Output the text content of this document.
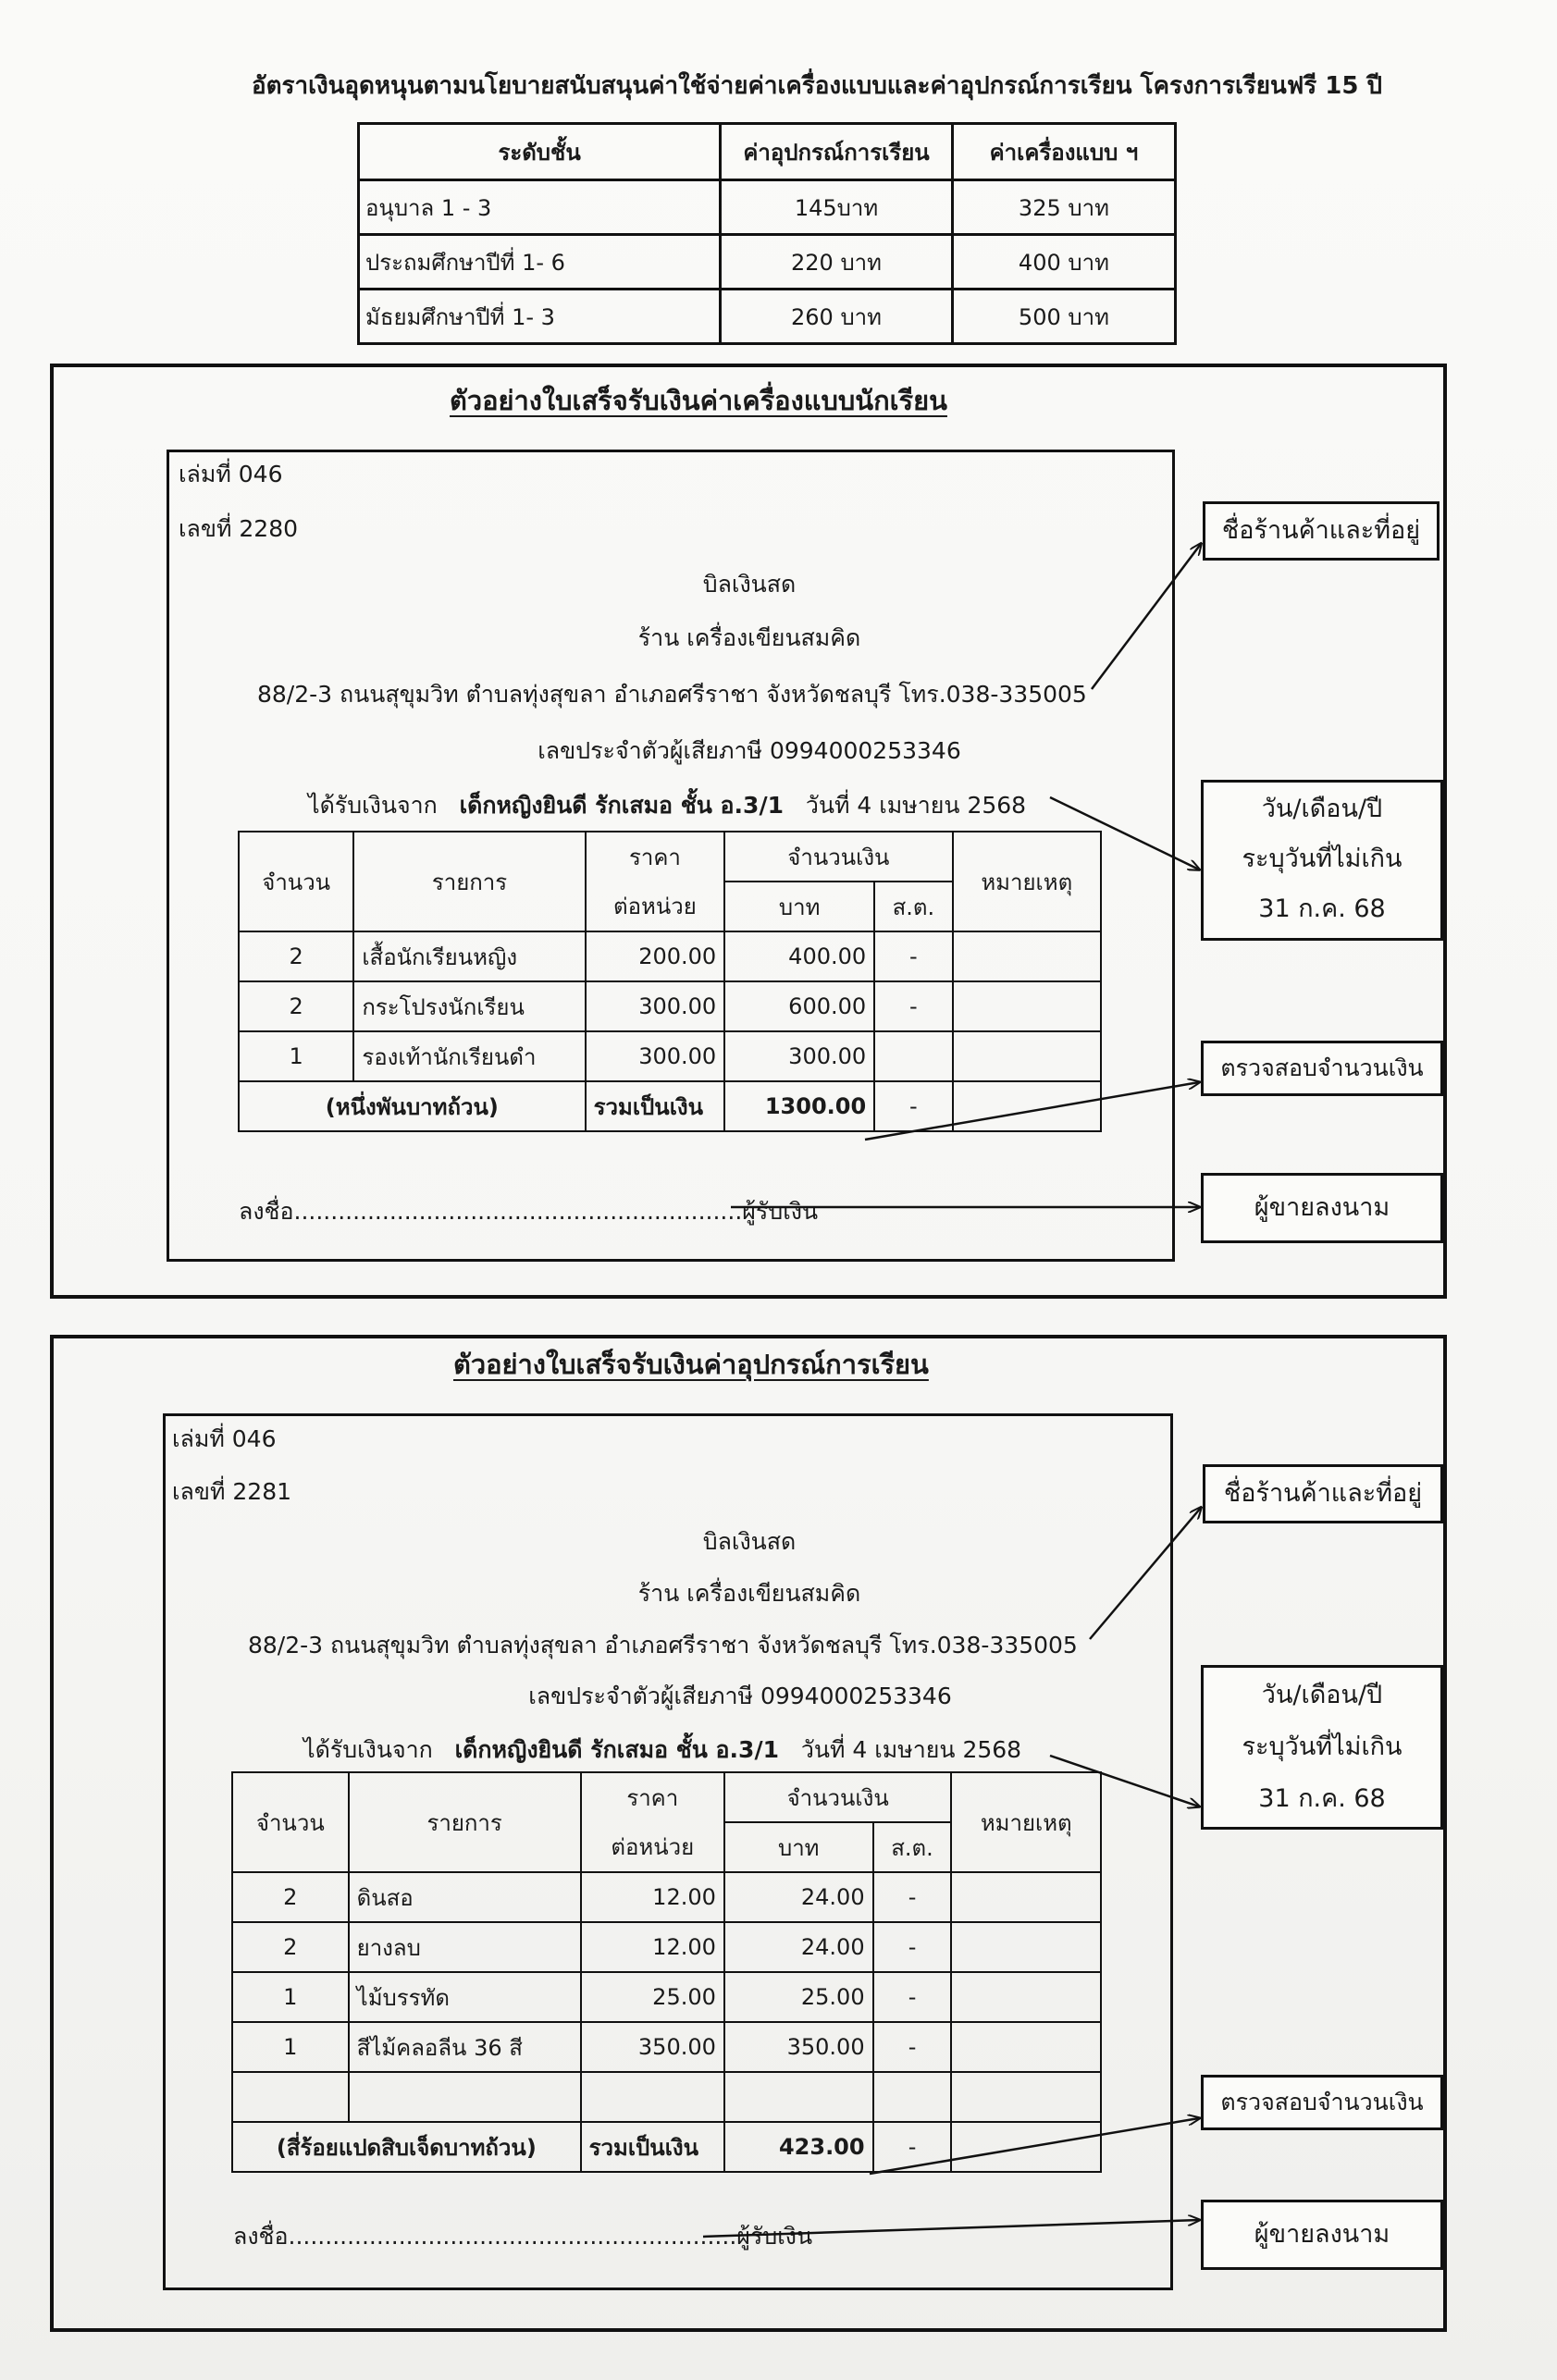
อัตราเงินอุดหนุนตามนโยบายสนับสนุนค่าใช้จ่ายค่าเครื่องแบบและค่าอุปกรณ์การเรียน โครงการเรียนฟรี 15 ปี
ระดับชั้น	ค่าอุปกรณ์การเรียน	ค่าเครื่องแบบ ฯ
อนุบาล 1 - 3	145บาท	325 บาท
ประถมศึกษาปีที่ 1- 6	220 บาท	400 บาท
มัธยมศึกษาปีที่ 1- 3	260 บาท	500 บาท
ตัวอย่างใบเสร็จรับเงินค่าเครื่องแบบนักเรียน
เล่มที่ 046
เลขที่ 2280
บิลเงินสด
ร้าน เครื่องเขียนสมคิด
88/2-3 ถนนสุขุมวิท ตำบลทุ่งสุขลา อำเภอศรีราชา จังหวัดชลบุรี โทร.038-335005
เลขประจำตัวผู้เสียภาษี 0994000253346
ได้รับเงินจาก เด็กหญิงยินดี รักเสมอ ชั้น อ.3/1 วันที่ 4 เมษายน 2568
จำนวน	รายการ	ราคา	จำนวนเงิน		หมายเหตุ
		ต่อหน่วย	บาท	ส.ต.	
2	เสื้อนักเรียนหญิง	200.00	400.00	-	
2	กระโปรงนักเรียน	300.00	600.00	-	
1	รองเท้านักเรียนดำ	300.00	300.00		
(หนึ่งพันบาทถ้วน)		รวมเป็นเงิน	1300.00	-	
ลงชื่อ.............................................................ผู้รับเงิน
ชื่อร้านค้าและที่อยู่
วัน/เดือน/ปี
ระบุวันที่ไม่เกิน
31 ก.ค. 68
ตรวจสอบจำนวนเงิน
ผู้ขายลงนาม
ตัวอย่างใบเสร็จรับเงินค่าอุปกรณ์การเรียน
เล่มที่ 046
เลขที่ 2281
บิลเงินสด
ร้าน เครื่องเขียนสมคิด
88/2-3 ถนนสุขุมวิท ตำบลทุ่งสุขลา อำเภอศรีราชา จังหวัดชลบุรี โทร.038-335005
เลขประจำตัวผู้เสียภาษี 0994000253346
ได้รับเงินจาก เด็กหญิงยินดี รักเสมอ ชั้น อ.3/1 วันที่ 4 เมษายน 2568
จำนวน	รายการ	ราคา	จำนวนเงิน		หมายเหตุ
		ต่อหน่วย	บาท	ส.ต.	
2	ดินสอ	12.00	24.00	-	
2	ยางลบ	12.00	24.00	-	
1	ไม้บรรทัด	25.00	25.00	-	
1	สีไม้คลอลีน 36 สี	350.00	350.00	-	

(สี่ร้อยแปดสิบเจ็ดบาทถ้วน)		รวมเป็นเงิน	423.00	-	
ลงชื่อ.............................................................ผู้รับเงิน
ชื่อร้านค้าและที่อยู่
วัน/เดือน/ปี
ระบุวันที่ไม่เกิน
31 ก.ค. 68
ตรวจสอบจำนวนเงิน
ผู้ขายลงนาม
